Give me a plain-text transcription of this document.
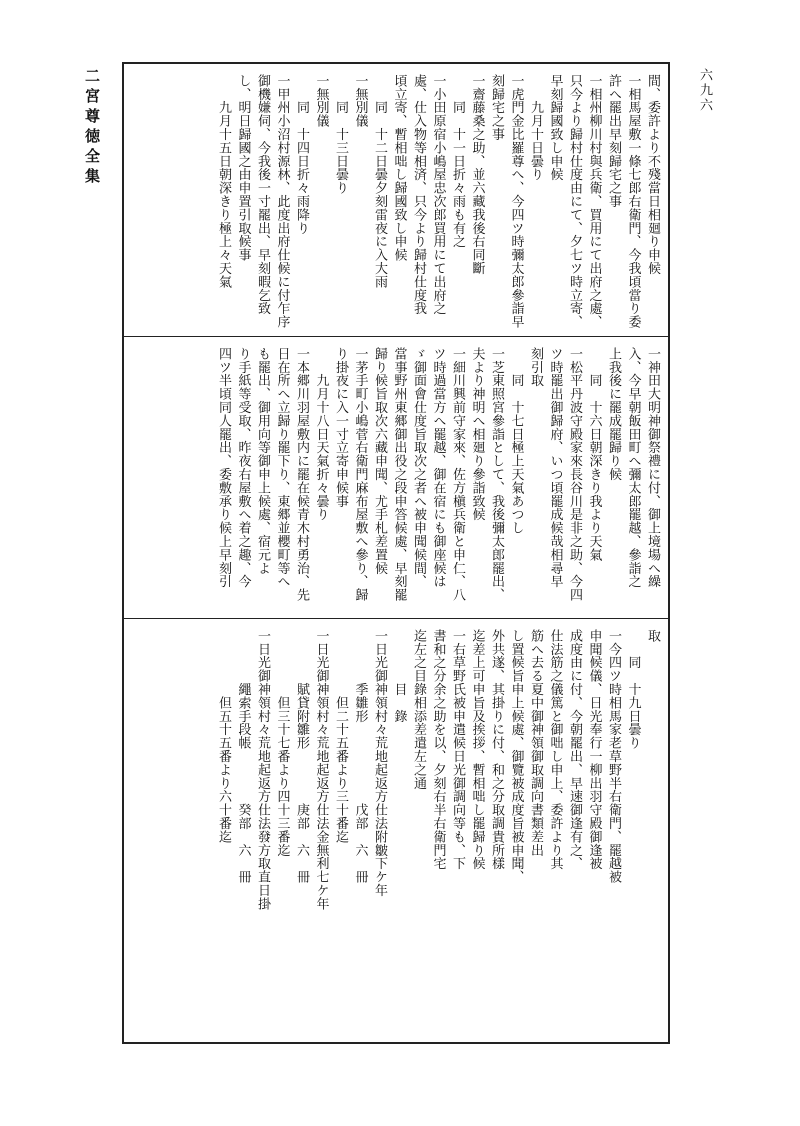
二宮尊徳全集	六九六
間、委許より不殘當日相廻り申候
一相馬屋敷一條七郎右衛門、今我頃當り委
許へ罷出早刻歸宅之事
一相州柳川村與兵衛、買用にて出府之處、
只今より歸村仕度由にて、夕七ツ時立寄、
早刻歸國致し申候
　　九月十日曇り
一虎門金比羅尊へ、今四ツ時彌太郎參詣早
刻歸宅之事
一齋藤桑之助、並六藏我後右同斷
　　同　十一日折々雨も有之
一小田原宿小嶋屋忠次郎買用にて出府之
處、仕入物等相済、只今より歸村仕度我
頃立寄、暫相咄し歸國致し申候
　　同　十二日曇夕刻雷夜に入大雨
一無別儀
　　同　十三日曇り
一無別儀
　　同　十四日折々雨降り
一甲州小沼村源林、此度出府仕候に付乍序
御機嫌伺、今我後一寸罷出、早刻暇乞致
し、明日歸國之由申置引取候事
　　九月十五日朝深きり極上々天氣
一神田大明神御祭禮に付、御上境場へ繰
入、今早朝飯田町へ彌太郎罷越、參詣之
上我後に罷成罷歸り候
　　同　十六日朝深きり我より天氣
一松平丹波守殿家來長谷川是非之助、今四
ツ時罷出御歸府、いつ頃罷成候哉相尋早
刻引取
　　同　十七日極上天氣あつし
一芝東照宮參詣として、我後彌太郎罷出、
夫より神明へ相廻り參詣致候
一細川興前守家來、佐方槇兵衛と申仁、八
ツ時過當方へ罷越、御在宿にも御座候は
ゞ御面會仕度旨取次之者へ被申聞候間、
當事野州東郷御出役之段申答候處、早刻罷
歸り候旨取次六藏申聞、尤手札差置候
一茅手町小嶋菅右衛門麻布屋敷へ參り、歸
り掛夜に入一寸立寄申候事
　　九月十八日天氣折々曇り
一本郷川羽屋敷内に罷在候青木村勇治、先
日在所へ立歸り罷下り、東郷並櫻町等へ
も罷出、御用向等御申上候處、宿元よ
り手紙等受取、昨夜右屋敷へ着之趣、今
四ツ半頃同人罷出、委敷承り候上早刻引
取
　　同　十九日曇り
一今四ツ時相馬家老草野半右衛門、罷越被
申聞候儀、日光奉行一柳出羽守殿御逢被
成度由に付、今朝罷出、早速御逢有之、
仕法筋之儀篤と御咄し申上、委許より其
筋へ去る夏中御神領御取調向書類差出
し置候旨申上候處、御覽被成度旨被申聞、
外共遂、其掛りに付、和之分取調貴所樣
迄差上可申旨及挨拶、暫相咄し罷歸り候
一右草野氏被申遣候日光御調向等も、下
書和之分余之助を以、夕刻右半右衛門宅
迄左之目錄相添差遣左之通
　　　　目　錄
一日光御神領村々荒地起返方仕法附皺下ケ年
　　　　季雛形　　　　　　戊部　六　冊
　　　　　但二十五番より三十番迄
一日光御神領村々荒地起返方仕法金無利七ケ年
　　　　賦貸附雛形　　　　庚部　六　冊
　　　　　但三十七番より四十三番迄
一日光御神領村々荒地起返方仕法發方取直日掛
　　　　繩索手段帳　　　　癸部　六　冊
　　　　　但五十五番より六十番迄
